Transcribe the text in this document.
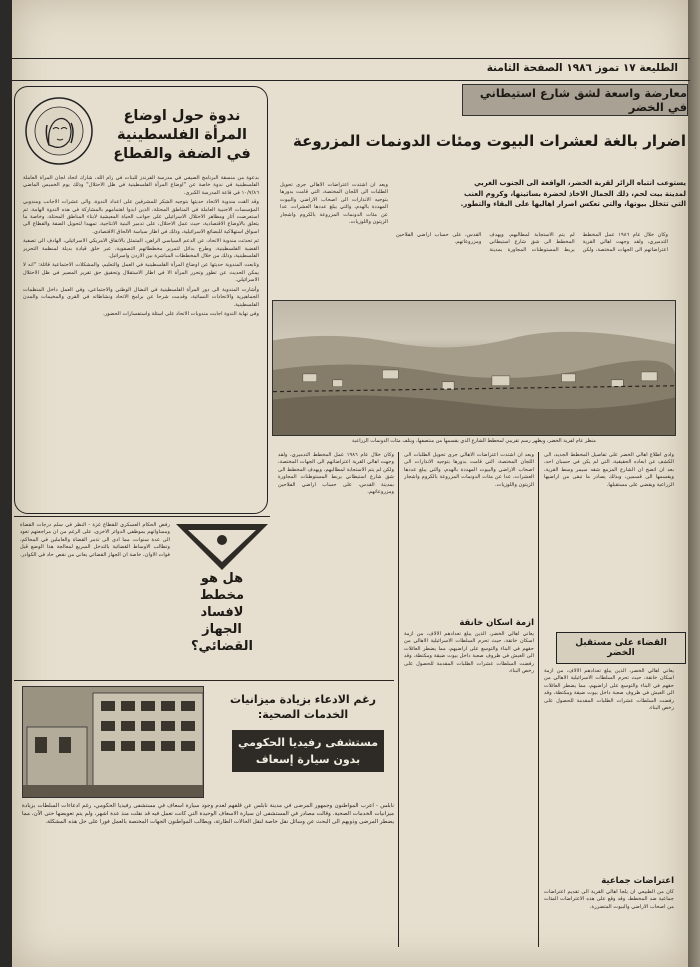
الطليعة ١٧ تموز ١٩٨٦ الصفحة الثامنة
ندوة حول اوضاع المرأة الفلسطينية في الضفة والقطاع

بدعوة من منسقة البرنامج الصيفي في مدرسة الفرندز للبنات في رام الله، شارك اتحاد لجان المرأة العاملة الفلسطينية في ندوة خاصة عن "اوضاع المرأة الفلسطينية في ظل الاحتلال" وذلك يوم الخميس الماضي ١٠/٧/٨٦ في قاعة المدرسة الكبرى.

وقد القت مندوبة الاتحاد حديثها بتوجيه الشكر للمشرفين على اعداد الندوة، والى عشرات الاجانب ومندوبي المؤسسات الاجنبية العاملة في المناطق المحتلة، الذين ابدوا اهتمامهم بالمشاركة في هذه الندوة الهامة. ثم استعرضت آثار ومظاهر الاحتلال الاسرائيلي على جوانب الحياة المعيشية لابناء المناطق المحتلة، وخاصة ما يتعلق بالاوضاع الاقتصادية، حيث عمل الاحتلال، على تدمير البنية الانتاجية، تمهيدا لتحويل الضفة والقطاع الى اسواق استهلاكية للبضائع الاسرائيلية، وذلك في اطار سياسة الالحاق الاقتصادي.

ثم تحدثت مندوبة الاتحاد، عن الدعم السياسي الراهن، المتمثل بالاتفاق الامريكي الاسرائيلي، الهادف الى تصفية القضية الفلسطينية، وطرح بدائل لتمرير مخططاتهم التصفوية، عبر خلق قيادة بديلة لمنظمة التحرير الفلسطينية، وذلك من خلال المخططات المباشرة بين الاردن واسرائيل.

وتابعت المندوبة حديثها عن اوضاع المرأة الفلسطينية في العمل والتعليم، والمشكلات الاجتماعية قائلة: "انه لا يمكن الحديث عن تطور وتحرر المرأة الا في اطار الاستقلال وتحقيق حق تقرير المصير في ظل الاحتلال الاسرائيلي.

وأشارت المندوبة الى دور المرأة الفلسطينية في النضال الوطني والاجتماعي، وفي العمل داخل المنظمات الجماهيرية والاتحادات النسائية، وقدمت شرحا عن برامج الاتحاد ونشاطاته في القرى والمخيمات والمدن الفلسطينية.

وفي نهاية الندوة اجابت مندوبات الاتحاد على اسئلة واستفسارات الحضور.

معارضة واسعة لشق شارع استيطاني في الخضر
اضرار بالغة لعشرات البيوت ومئات الدونمات المزروعة
يستوعب انتباه الزائر لقرية الخضر، الواقعة الى الجنوب الغربي لمدينة بيت لحم، ذلك الجمال الاخاذ لخضرة بساتينها، وكروم العنب التي تتخلل بيوتها، والتي تعكس اصرار اهاليها على البقاء والتطور.

وكان خلال عام ١٩٨٦ عمل المخطط التدميري، ولقد وجهت اهالي القرية اعتراضاتهم الى الجهات المختصة، ولكن لم يتم الاستجابة لمطالبهم، ويهدف المخطط الى شق شارع استيطاني يربط المستوطنات المجاورة بمدينة القدس، على حساب اراضي الفلاحين ومزروعاتهم.

وبعد ان اشتدت اعتراضات الاهالي جرى تحويل الطلبات الى اللجان المختصة، التي قامت بدورها بتوجيه الانذارات الى اصحاب الاراضي والبيوت المهددة بالهدم، والتي يبلغ عددها العشرات، عدا عن مئات الدونمات المزروعة بالكروم واشجار الزيتون واللوزيات.

منظر عام لقرية الخضر، ويظهر رسم تقريبي لمخطط الشارع الذي يقسمها من منتصفها، ويتلف مئات الدونمات الزراعية
وادى اطلاع اهالي الخضر على تفاصيل المخطط الجديد، الى الكشف عن ابعاده الحقيقية، التي لم يكن في حسبان احد، بعد ان اتضح ان الشارع المزمع شقه سيمر وسط القرية، ويقسمها الى قسمين، وبذلك يصادر ما تبقى من اراضيها الزراعية ويقضي على مستقبلها.
القضاء على مستقبل الخضر
يعاني اهالي الخضر، الذين يبلغ تعدادهم الالاف، من ازمة اسكان خانقة، حيث تحرم السلطات الاسرائيلية الاهالي من حقهم في البناء والتوسع على اراضيهم، مما يضطر العائلات الى العيش في ظروف صعبة داخل بيوت ضيقة ومكتظة، وقد رفضت السلطات عشرات الطلبات المقدمة للحصول على رخص البناء.
اعتراضات جماعية
كان من الطبيعي ان يلجأ اهالي القرية الى تقديم اعتراضات جماعية ضد المخطط، وقد وقع على هذه الاعتراضات المئات من اصحاب الاراضي والبيوت المتضررة.
وبعد ان اشتدت اعتراضات الاهالي جرى تحويل الطلبات الى اللجان المختصة، التي قامت بدورها بتوجيه الانذارات الى اصحاب الاراضي والبيوت المهددة بالهدم، والتي يبلغ عددها العشرات، عدا عن مئات الدونمات المزروعة بالكروم واشجار الزيتون واللوزيات.
ازمة اسكان خانقة
يعاني اهالي الخضر، الذين يبلغ تعدادهم الالاف، من ازمة اسكان خانقة، حيث تحرم السلطات الاسرائيلية الاهالي من حقهم في البناء والتوسع على اراضيهم، مما يضطر العائلات الى العيش في ظروف صعبة داخل بيوت ضيقة ومكتظة، وقد رفضت السلطات عشرات الطلبات المقدمة للحصول على رخص البناء.
وكان خلال عام ١٩٨٦ عمل المخطط التدميري، ولقد وجهت اهالي القرية اعتراضاتهم الى الجهات المختصة، ولكن لم يتم الاستجابة لمطالبهم، ويهدف المخطط الى شق شارع استيطاني يربط المستوطنات المجاورة بمدينة القدس، على حساب اراضي الفلاحين ومزروعاتهم.
هل هو مخطط لافساد الجهاز القضائي؟
رفض الحكام العسكري للقطاع غزة - النظر في سلم درجات القضاة ومساواتهم بموظفي الدوائر الاخرى، على الرغم من ان مراجعتهم تعود الى عدة سنوات، مما ادى الى تذمر القضاة والعاملين في المحاكم، وتطالب الاوساط القضائية بالتدخل السريع لمعالجة هذا الوضع قبل فوات الاوان، خاصة ان الجهاز القضائي يعاني من نقص حاد في الكوادر.
رغم الادعاء بزيادة ميزانيات الخدمات الصحية:
مستشفى رفيديا الحكومي بدون سيارة إسعاف
نابلس - اعرب المواطنون وجمهور المرضى في مدينة نابلس عن قلقهم لعدم وجود سيارة اسعاف في مستشفى رفيديا الحكومي، رغم ادعاءات السلطات بزيادة ميزانيات الخدمات الصحية. وقالت مصادر في المستشفى ان سيارة الاسعاف الوحيدة التي كانت تعمل فيه قد نقلت منذ عدة اشهر، ولم يتم تعويضها حتى الآن، مما يضطر المرضى وذويهم الى البحث عن وسائل نقل خاصة لنقل الحالات الطارئة، ويطالب المواطنون الجهات المختصة بالعمل فورا على حل هذه المشكلة.
